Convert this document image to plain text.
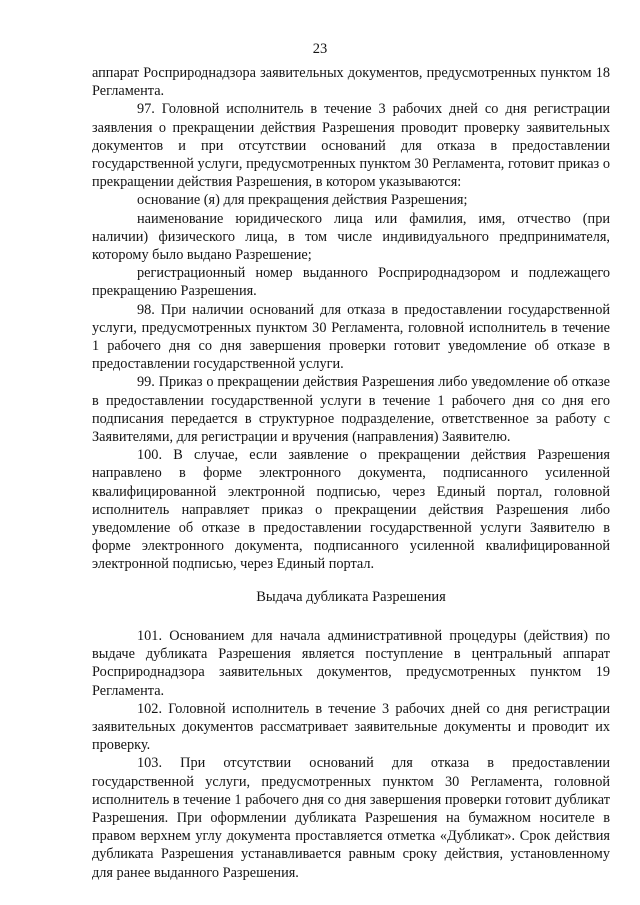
23

аппарат Росприроднадзора заявительных документов, предусмотренных пунктом 18 Регламента.

97. Головной исполнитель в течение 3 рабочих дней со дня регистрации заявления о прекращении действия Разрешения проводит проверку заявительных документов и при отсутствии оснований для отказа в предоставлении государственной услуги, предусмотренных пунктом 30 Регламента, готовит приказ о прекращении действия Разрешения, в котором указываются:

основание (я) для прекращения действия Разрешения;

наименование юридического лица или фамилия, имя, отчество (при наличии) физического лица, в том числе индивидуального предпринимателя, которому было выдано Разрешение;

регистрационный номер выданного Росприроднадзором и подлежащего прекращению Разрешения.

98. При наличии оснований для отказа в предоставлении государственной услуги, предусмотренных пунктом 30 Регламента, головной исполнитель в течение 1 рабочего дня со дня завершения проверки готовит уведомление об отказе в предоставлении государственной услуги.

99. Приказ о прекращении действия Разрешения либо уведомление об отказе в предоставлении государственной услуги в течение 1 рабочего дня со дня его подписания передается в структурное подразделение, ответственное за работу с Заявителями, для регистрации и вручения (направления) Заявителю.

100. В случае, если заявление о прекращении действия Разрешения направлено в форме электронного документа, подписанного усиленной квалифицированной электронной подписью, через Единый портал, головной исполнитель направляет приказ о прекращении действия Разрешения либо уведомление об отказе в предоставлении государственной услуги Заявителю в форме электронного документа, подписанного усиленной квалифицированной электронной подписью, через Единый портал.

Выдача дубликата Разрешения

101. Основанием для начала административной процедуры (действия) по выдаче дубликата Разрешения является поступление в центральный аппарат Росприроднадзора заявительных документов, предусмотренных пунктом 19 Регламента.

102. Головной исполнитель в течение 3 рабочих дней со дня регистрации заявительных документов рассматривает заявительные документы и проводит их проверку.

103. При отсутствии оснований для отказа в предоставлении государственной услуги, предусмотренных пунктом 30 Регламента, головной исполнитель в течение 1 рабочего дня со дня завершения проверки готовит дубликат Разрешения. При оформлении дубликата Разрешения на бумажном носителе в правом верхнем углу документа проставляется отметка «Дубликат». Срок действия дубликата Разрешения устанавливается равным сроку действия, установленному для ранее выданного Разрешения.
